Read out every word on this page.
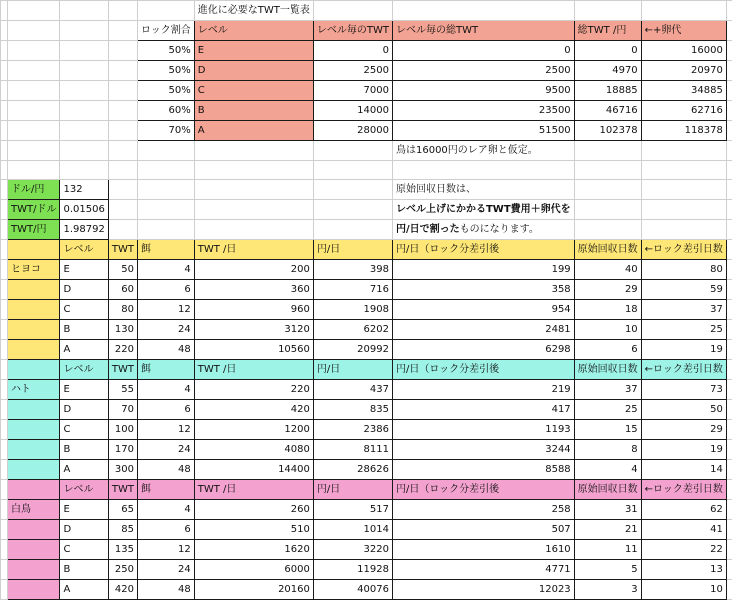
					進化に必要なTWT一覧表						
				ロック割合	レベル	レベル毎のTWT	レベル毎の総TWT	総TWT /円	←+卵代		
				50%	E	0	0	0	16000		
				50%	D	2500	2500	4970	20970		
				50%	C	7000	9500	18885	34885		
				60%	B	14000	23500	46716	62716		
				70%	A	28000	51500	102378	118378		
							鳥は16000円のレア卵と仮定。				

	ドル/円	132					原始回収日数は、				
	TWT/ドル	0.01506					レベル上げにかかるTWT費用＋卵代を				
	TWT/円	1.98792					円/日で割ったものになります。				
		レベル	TWT	餌	TWT /日	円/日	円/日（ロック分差引後	原始回収日数	←ロック差引日数		
	ヒヨコ	E	50	4	200	398	199	40	80		
		D	60	6	360	716	358	29	59		
		C	80	12	960	1908	954	18	37		
		B	130	24	3120	6202	2481	10	25		
		A	220	48	10560	20992	6298	6	19		
		レベル	TWT	餌	TWT /日	円/日	円/日（ロック分差引後	原始回収日数	←ロック差引日数		
	ハト	E	55	4	220	437	219	37	73		
		D	70	6	420	835	417	25	50		
		C	100	12	1200	2386	1193	15	29		
		B	170	24	4080	8111	3244	8	19		
		A	300	48	14400	28626	8588	4	14		
		レベル	TWT	餌	TWT /日	円/日	円/日（ロック分差引後	原始回収日数	←ロック差引日数		
	白鳥	E	65	4	260	517	258	31	62		
		D	85	6	510	1014	507	21	41		
		C	135	12	1620	3220	1610	11	22		
		B	250	24	6000	11928	4771	5	13		
		A	420	48	20160	40076	12023	3	10		
